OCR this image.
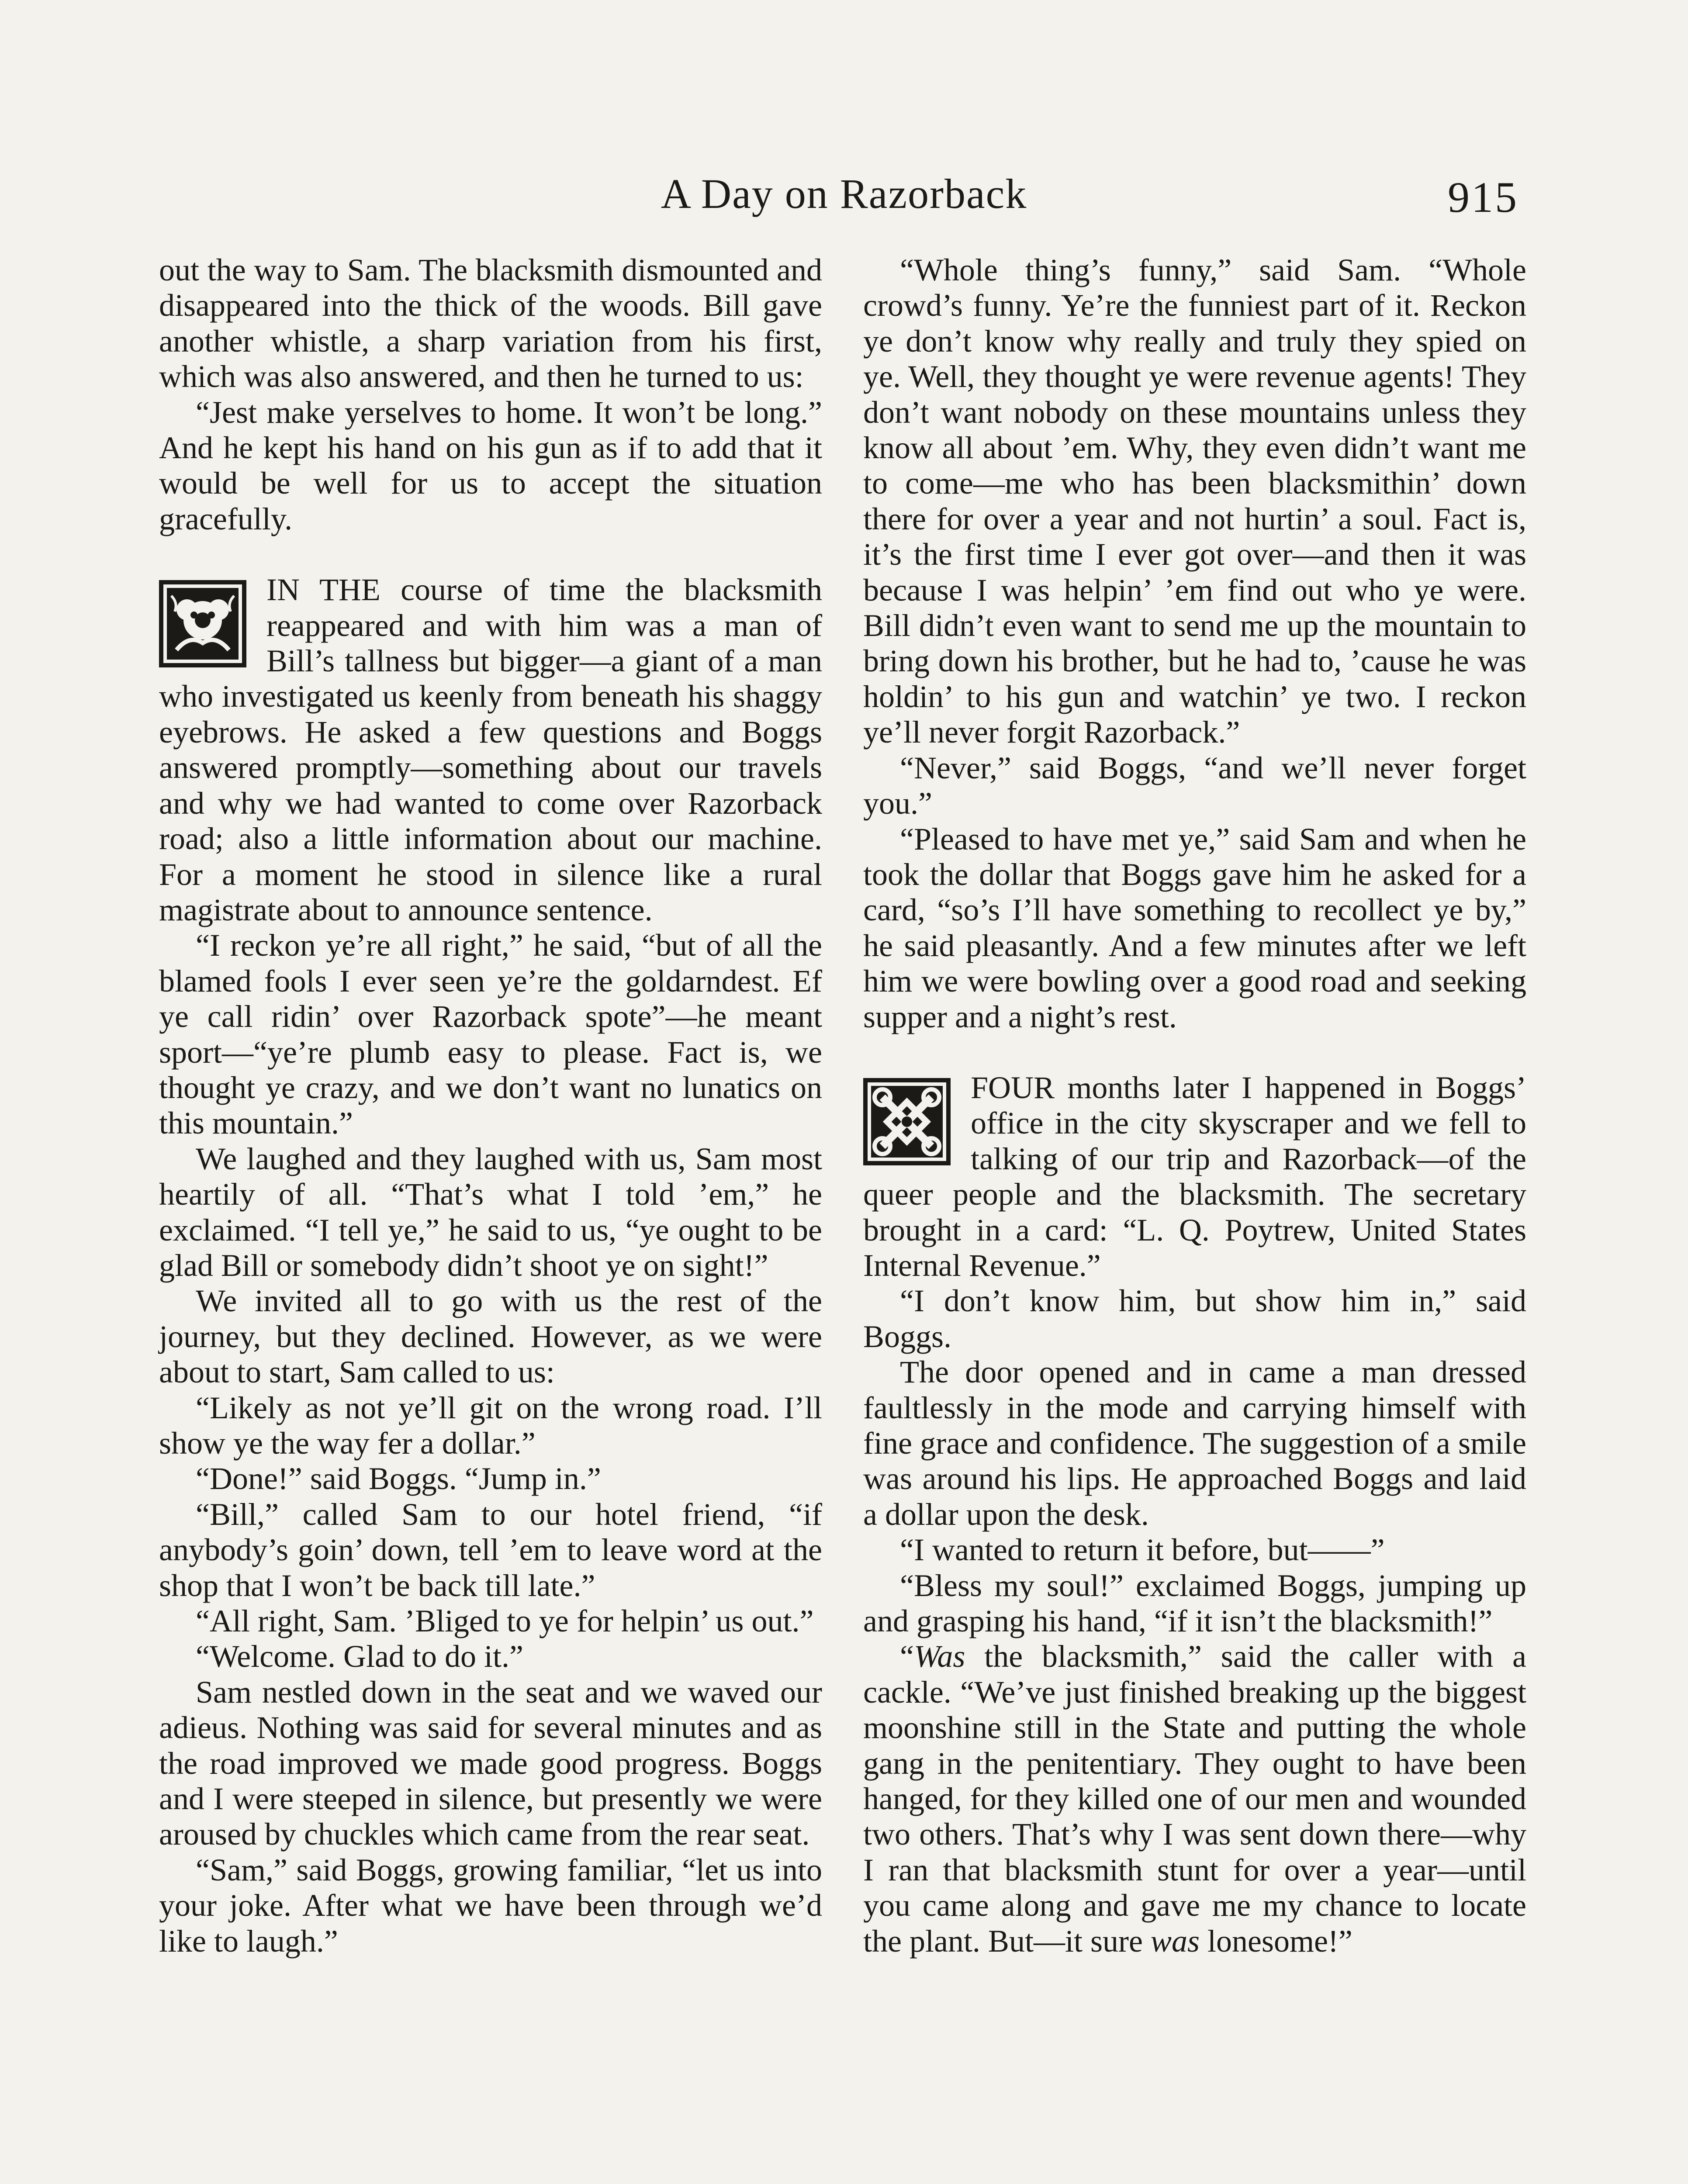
A Day on Razorback	915

out the way to Sam. The blacksmith dismounted and disappeared into the thick of the woods. Bill gave another whistle, a sharp variation from his first, which was also answered, and then he turned to us:

“Jest make yerselves to home. It won’t be long.” And he kept his hand on his gun as if to add that it would be well for us to accept the situation gracefully.

IN THE course of time the blacksmith reappeared and with him was a man of Bill’s tallness but bigger—a giant of a man who investigated us keenly from beneath his shaggy eyebrows. He asked a few questions and Boggs answered promptly—something about our travels and why we had wanted to come over Razorback road; also a little information about our machine. For a moment he stood in silence like a rural magistrate about to announce sentence.

“I reckon ye’re all right,” he said, “but of all the blamed fools I ever seen ye’re the goldarndest. Ef ye call ridin’ over Razorback spote”—he meant sport—“ye’re plumb easy to please. Fact is, we thought ye crazy, and we don’t want no lunatics on this mountain.”

We laughed and they laughed with us, Sam most heartily of all. “That’s what I told ’em,” he exclaimed. “I tell ye,” he said to us, “ye ought to be glad Bill or somebody didn’t shoot ye on sight!”

We invited all to go with us the rest of the journey, but they declined. However, as we were about to start, Sam called to us:

“Likely as not ye’ll git on the wrong road. I’ll show ye the way fer a dollar.”

“Done!” said Boggs. “Jump in.”

“Bill,” called Sam to our hotel friend, “if anybody’s goin’ down, tell ’em to leave word at the shop that I won’t be back till late.”

“All right, Sam. ’Bliged to ye for helpin’ us out.”

“Welcome. Glad to do it.”

Sam nestled down in the seat and we waved our adieus. Nothing was said for several minutes and as the road improved we made good progress. Boggs and I were steeped in silence, but presently we were aroused by chuckles which came from the rear seat.

“Sam,” said Boggs, growing familiar, “let us into your joke. After what we have been through we’d like to laugh.”

“Whole thing’s funny,” said Sam. “Whole crowd’s funny. Ye’re the funniest part of it. Reckon ye don’t know why really and truly they spied on ye. Well, they thought ye were revenue agents! They don’t want nobody on these mountains unless they know all about ’em. Why, they even didn’t want me to come—me who has been blacksmithin’ down there for over a year and not hurtin’ a soul. Fact is, it’s the first time I ever got over—and then it was because I was helpin’ ’em find out who ye were. Bill didn’t even want to send me up the mountain to bring down his brother, but he had to, ’cause he was holdin’ to his gun and watchin’ ye two. I reckon ye’ll never forgit Razorback.”

“Never,” said Boggs, “and we’ll never forget you.”

“Pleased to have met ye,” said Sam and when he took the dollar that Boggs gave him he asked for a card, “so’s I’ll have something to recollect ye by,” he said pleasantly. And a few minutes after we left him we were bowling over a good road and seeking supper and a night’s rest.

FOUR months later I happened in Boggs’ office in the city skyscraper and we fell to talking of our trip and Razorback—of the queer people and the blacksmith. The secretary brought in a card: “L. Q. Poytrew, United States Internal Revenue.”

“I don’t know him, but show him in,” said Boggs.

The door opened and in came a man dressed faultlessly in the mode and carrying himself with fine grace and confidence. The suggestion of a smile was around his lips. He approached Boggs and laid a dollar upon the desk.

“I wanted to return it before, but——”

“Bless my soul!” exclaimed Boggs, jumping up and grasping his hand, “if it isn’t the blacksmith!”

“Was the blacksmith,” said the caller with a cackle. “We’ve just finished breaking up the biggest moonshine still in the State and putting the whole gang in the penitentiary. They ought to have been hanged, for they killed one of our men and wounded two others. That’s why I was sent down there—why I ran that blacksmith stunt for over a year—until you came along and gave me my chance to locate the plant. But—it sure was lonesome!”
